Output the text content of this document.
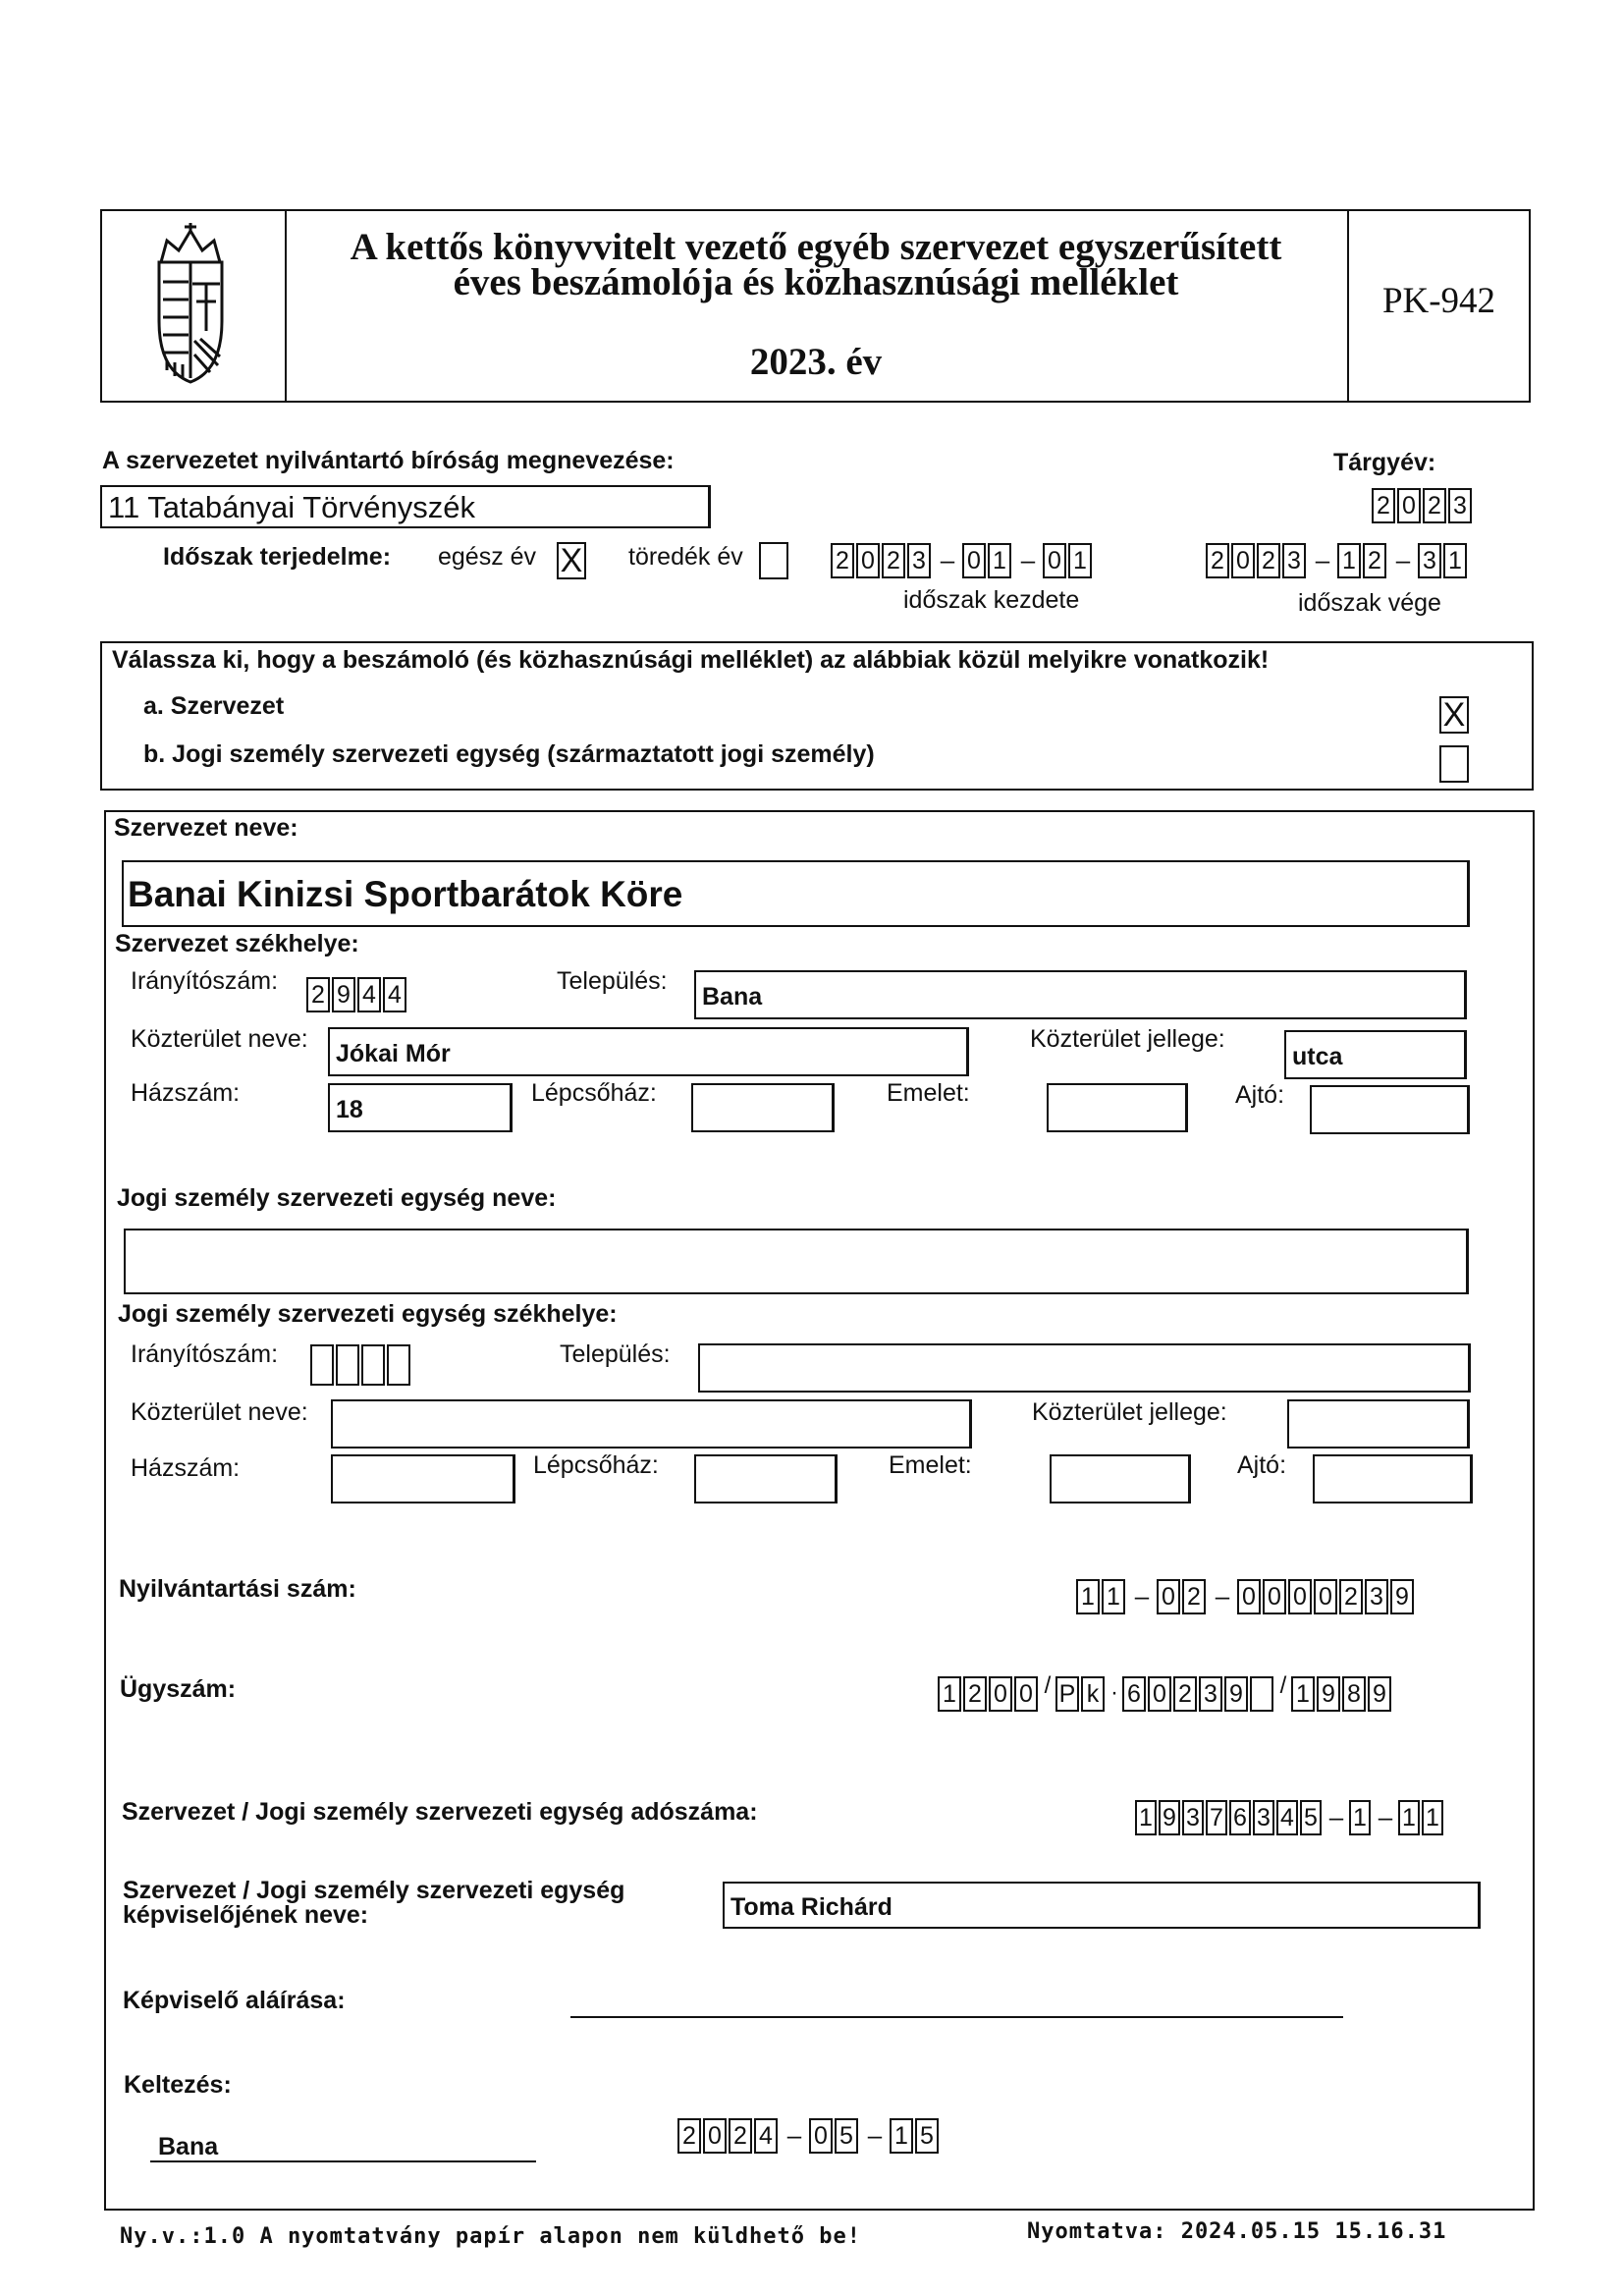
A kettős könyvvitelt vezető egyéb szervezet egyszerűsített
éves beszámolója és közhasznúsági melléklet
2023. év
PK-942
A szervezetet nyilvántartó bíróság megnevezése:	Tárgyév:
11 Tatabányai Törvényszék	2 0 2 3
Időszak terjedelme: egész év X töredék év	2 0 2 3 – 0 1 – 0 1
időszak kezdete
2 0 2 3 – 1 2 – 3 1
időszak vége
Válassza ki, hogy a beszámoló (és közhasznúsági melléklet) az alábbiak közül melyikre vonatkozik!
a. Szervezet	X
b. Jogi személy szervezeti egység (származtatott jogi személy)
Szervezet neve:
Banai Kinizsi Sportbarátok Köre
Szervezet székhelye:
Irányítószám: 2 9 4 4	Település:
Bana
Közterület neve:
Jókai Mór
Közterület jellege:
utca
Házszám:
18
Lépcsőház:	Emelet:	Ajtó:
Jogi személy szervezeti egység neve:
Jogi személy szervezeti egység székhelye:
Irányítószám:	Település:
Közterület neve:	Közterület jellege:
Házszám:	Lépcsőház:	Emelet:	Ajtó:
Nyilvántartási szám:	1 1 – 0 2 – 0 0 0 0 2 3 9
Ügyszám:	1 2 0 0 / P k · 6 0 2 3 9 / 1 9 8 9
Szervezet / Jogi személy szervezeti egység adószáma:	1 9 3 7 6 3 4 5 – 1 – 1 1
Szervezet / Jogi személy szervezeti egység
képviselőjének neve:	Toma Richárd
Képviselő aláírása:
Keltezés:
Bana	2 0 2 4 – 0 5 – 1 5
Ny.v.:1.0 A nyomtatvány papír alapon nem küldhető be!	Nyomtatva: 2024.05.15 15.16.31
